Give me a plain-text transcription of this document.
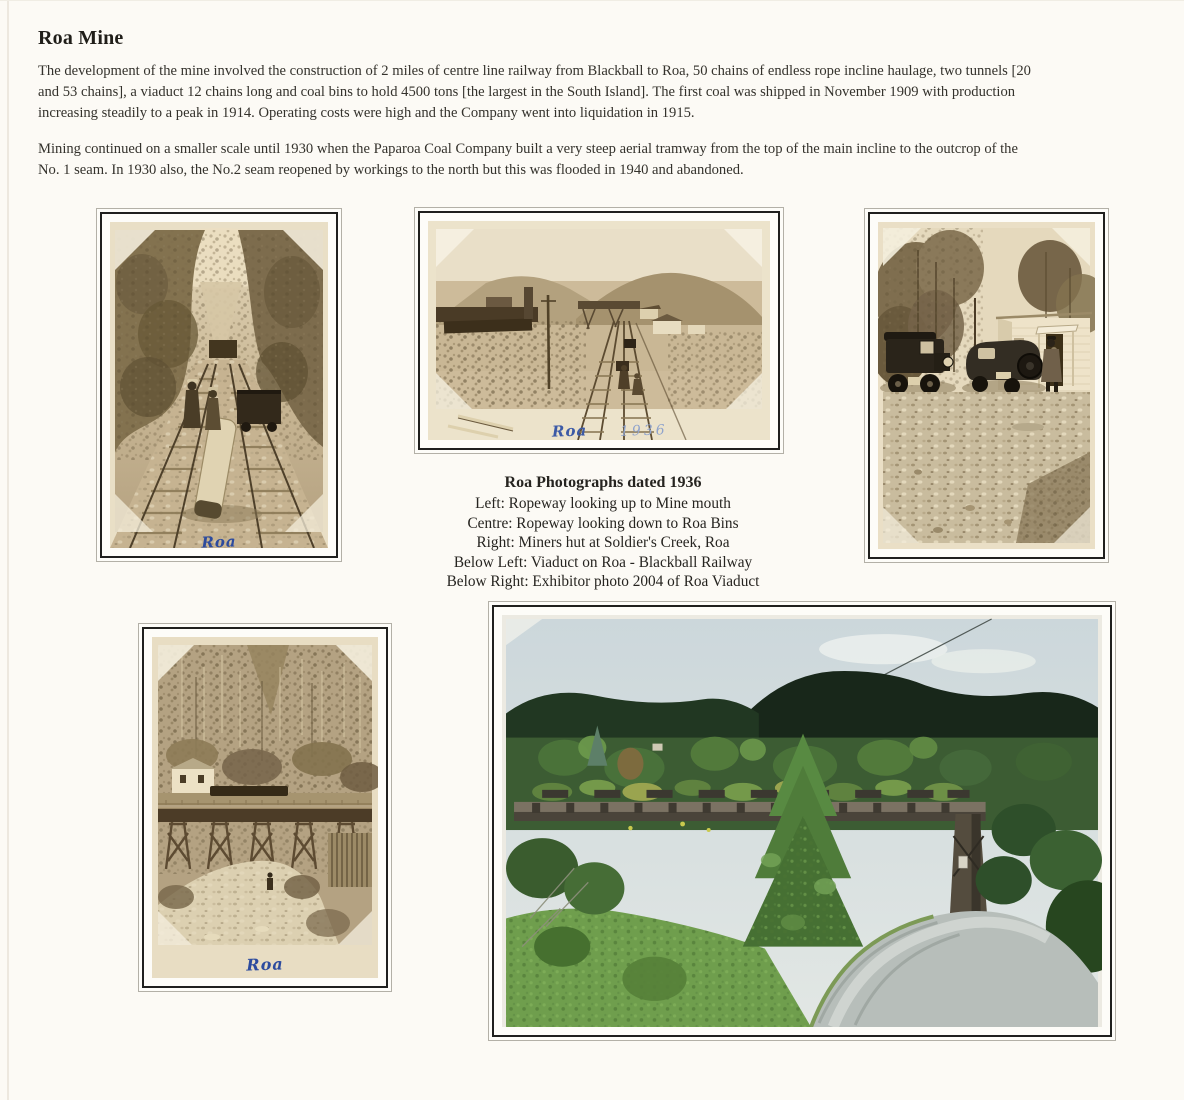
Roa Mine
The development of the mine involved the construction of 2 miles of centre line railway from Blackball to Roa, 50 chains of endless rope incline haulage, two tunnels [20
and 53 chains], a viaduct 12 chains long and coal bins to hold 4500 tons [the largest in the South Island]. The first coal was shipped in November 1909 with production
increasing steadily to a peak in 1914. Operating costs were high and the Company went into liquidation in 1915.
Mining continued on a smaller scale until 1930 when the Paparoa Coal Company built a very steep aerial tramway from the top of the main incline to the outcrop of the
No. 1 seam. In 1930 also, the No.2 seam reopened by workings to the north but this was flooded in 1940 and abandoned.
Roa
Roa 1936
Roa
Roa Photographs dated 1936
Left: Ropeway looking up to Mine mouth
Centre: Ropeway looking down to Roa Bins
Right: Miners hut at Soldier's Creek, Roa
Below Left: Viaduct on Roa - Blackball Railway
Below Right: Exhibitor photo 2004 of Roa Viaduct
